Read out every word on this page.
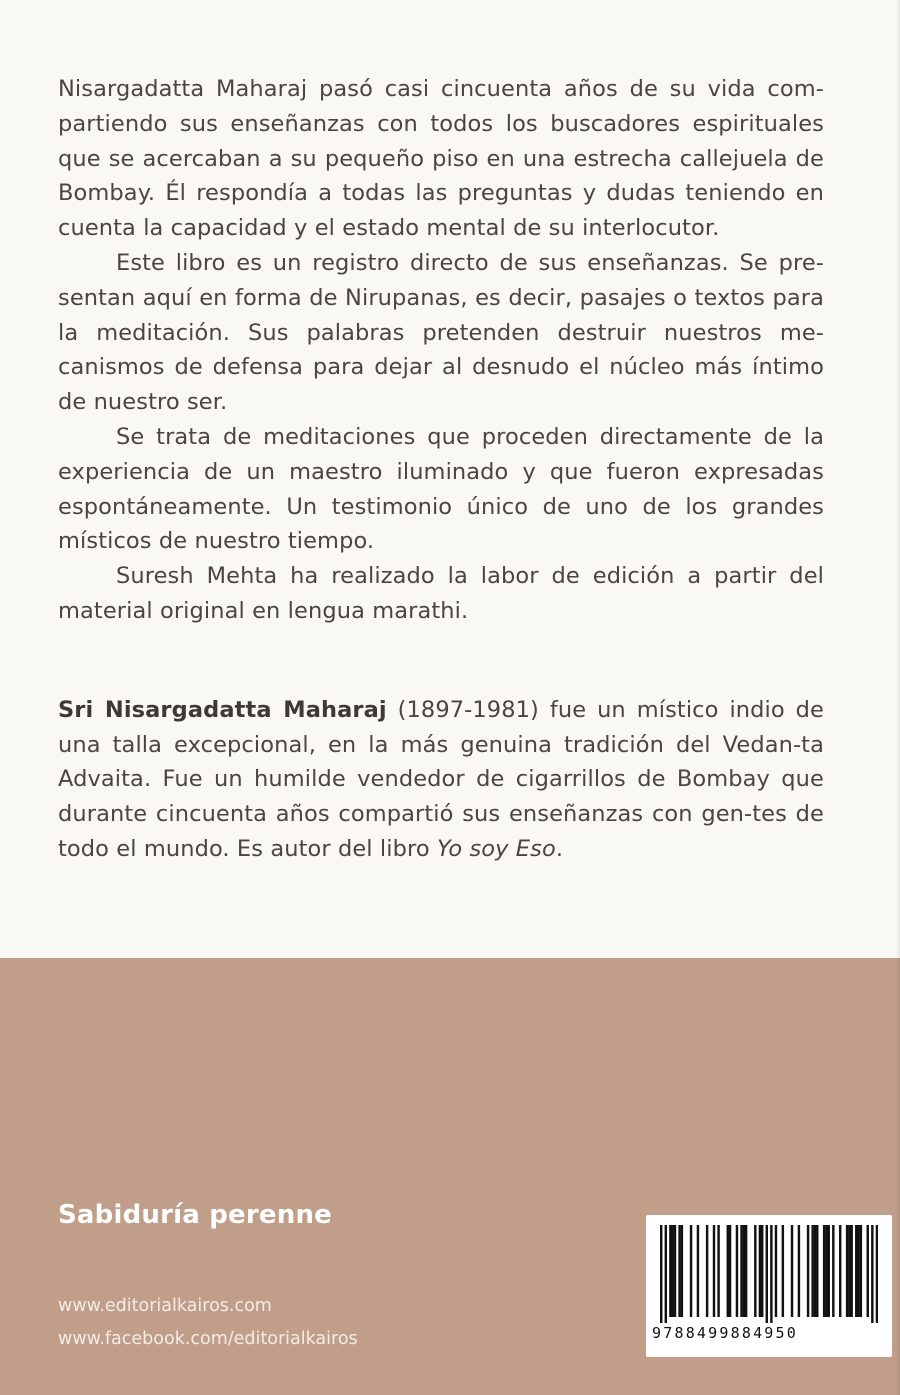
Nisargadatta Maharaj pasó casi cincuenta años de su vida com-partiendo sus enseñanzas con todos los buscadores espirituales que se acercaban a su pequeño piso en una estrecha callejuela de Bombay. Él respondía a todas las preguntas y dudas teniendo en cuenta la capacidad y el estado mental de su interlocutor.

Este libro es un registro directo de sus enseñanzas. Se pre-sentan aquí en forma de Nirupanas, es decir, pasajes o textos para la meditación. Sus palabras pretenden destruir nuestros me-canismos de defensa para dejar al desnudo el núcleo más íntimo de nuestro ser.

Se trata de meditaciones que proceden directamente de la experiencia de un maestro iluminado y que fueron expresadas espontáneamente. Un testimonio único de uno de los grandes místicos de nuestro tiempo.

Suresh Mehta ha realizado la labor de edición a partir del material original en lengua marathi.

Sri Nisargadatta Maharaj (1897-1981) fue un místico indio de una talla excepcional, en la más genuina tradición del Vedan-ta Advaita. Fue un humilde vendedor de cigarrillos de Bombay que durante cincuenta años compartió sus enseñanzas con gen-tes de todo el mundo. Es autor del libro Yo soy Eso.

Sabiduría perenne
www.editorialkairos.com
www.facebook.com/editorialkairos	9788499884950
